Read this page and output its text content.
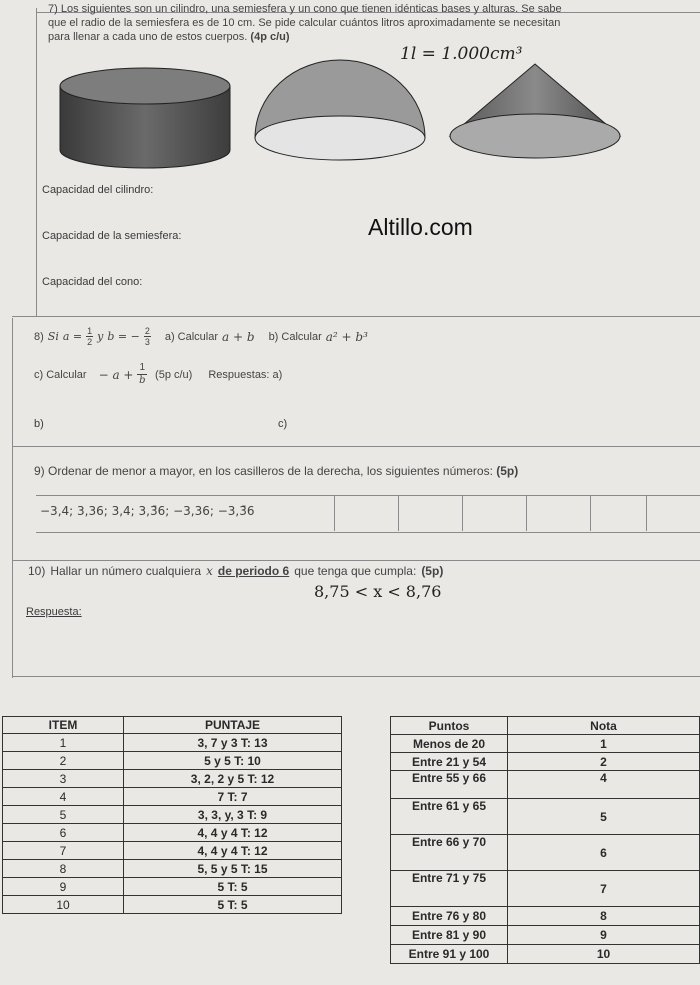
7) Los siguientes son un cilindro, una semiesfera y un cono que tienen idénticas bases y alturas. Se sabe
que el radio de la semiesfera es de 10 cm. Se pide calcular cuántos litros aproximadamente se necesitan
para llenar a cada uno de estos cuerpos. (4p c/u)
1l = 1.000cm³
Capacidad del cilindro:
Capacidad de la semiesfera:
Capacidad del cono:
Altillo.com
8) Si $a = \frac{1}{2}$ y b = − $\frac{2}{3} a$) Calcular a + b b) Calcular a² + b³
c) Calcular − $a + \frac{1}{b} (5p$ c/u) Respuestas: a)
b)	c)
9) Ordenar de menor a mayor, en los casilleros de la derecha, los siguientes números: (5p)
−3,4; 3,36; 3,4; 3,3̄6; −3,36; −3,3̄6
10) Hallar un número cualquiera x de periodo 6 que tenga que cumpla: (5p)
8,75 < x < 8,76
Respuesta:
ITEM	PUNTAJE
1	3, 7 y 3 T: 13
2	5 y 5 T: 10
3	3, 2, 2 y 5 T: 12
4	7 T: 7
5	3, 3, y, 3 T: 9
6	4, 4 y 4 T: 12
7	4, 4 y 4 T: 12
8	5, 5 y 5 T: 15
9	5 T: 5
10	5 T: 5
Puntos	Nota
Menos de 20	1
Entre 21 y 54	2
Entre 55 y 66	4
Entre 61 y 65	5
Entre 66 y 70	6
Entre 71 y 75	7
Entre 76 y 80	8
Entre 81 y 90	9
Entre 91 y 100	10
